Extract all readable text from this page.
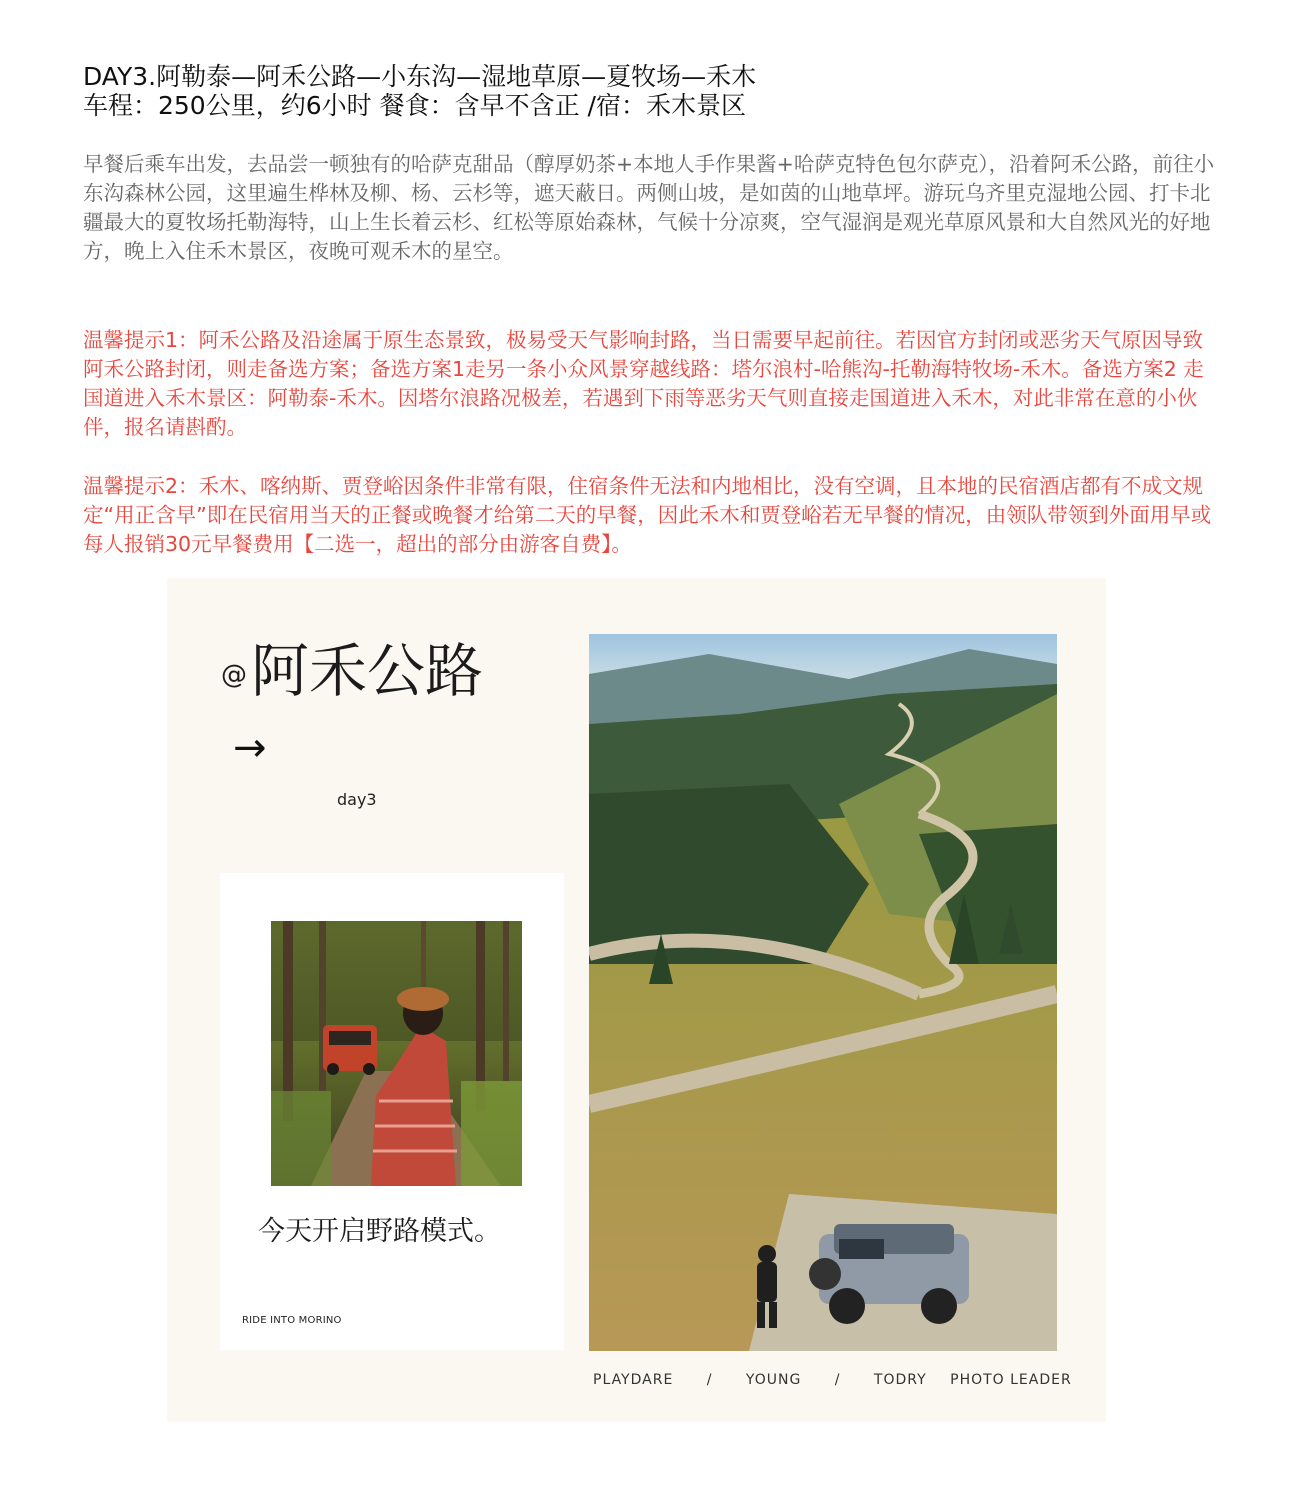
DAY3.阿勒泰—阿禾公路—小东沟—湿地草原—夏牧场—禾木
车程：250公里，约6小时 餐食：含早不含正 /宿：禾木景区
早餐后乘车出发，去品尝一顿独有的哈萨克甜品（醇厚奶茶+本地人手作果酱+哈萨克特色包尔萨克），沿着阿禾公路，前往小东沟森林公园，这里遍生桦林及柳、杨、云杉等，遮天蔽日。两侧山坡，是如茵的山地草坪。游玩乌齐里克湿地公园、打卡北疆最大的夏牧场托勒海特，山上生长着云杉、红松等原始森林，气候十分凉爽，空气湿润是观光草原风景和大自然风光的好地方，晚上入住禾木景区，夜晚可观禾木的星空。
温馨提示1：阿禾公路及沿途属于原生态景致，极易受天气影响封路，当日需要早起前往。若因官方封闭或恶劣天气原因导致阿禾公路封闭，则走备选方案；备选方案1走另一条小众风景穿越线路：塔尔浪村-哈熊沟-托勒海特牧场-禾木。备选方案2 走国道进入禾木景区：阿勒泰-禾木。因塔尔浪路况极差，若遇到下雨等恶劣天气则直接走国道进入禾木，对此非常在意的小伙伴，报名请斟酌。
温馨提示2：禾木、喀纳斯、贾登峪因条件非常有限，住宿条件无法和内地相比，没有空调，且本地的民宿酒店都有不成文规定“用正含早”即在民宿用当天的正餐或晚餐才给第二天的早餐，因此禾木和贾登峪若无早餐的情况，由领队带领到外面用早或每人报销30元早餐费用【二选一，超出的部分由游客自费】。
@阿禾公路
→
day3
今天开启野路模式。
RIDE INTO MORINO
PLAYDARE / YOUNG / TODRY PHOTO LEADER
